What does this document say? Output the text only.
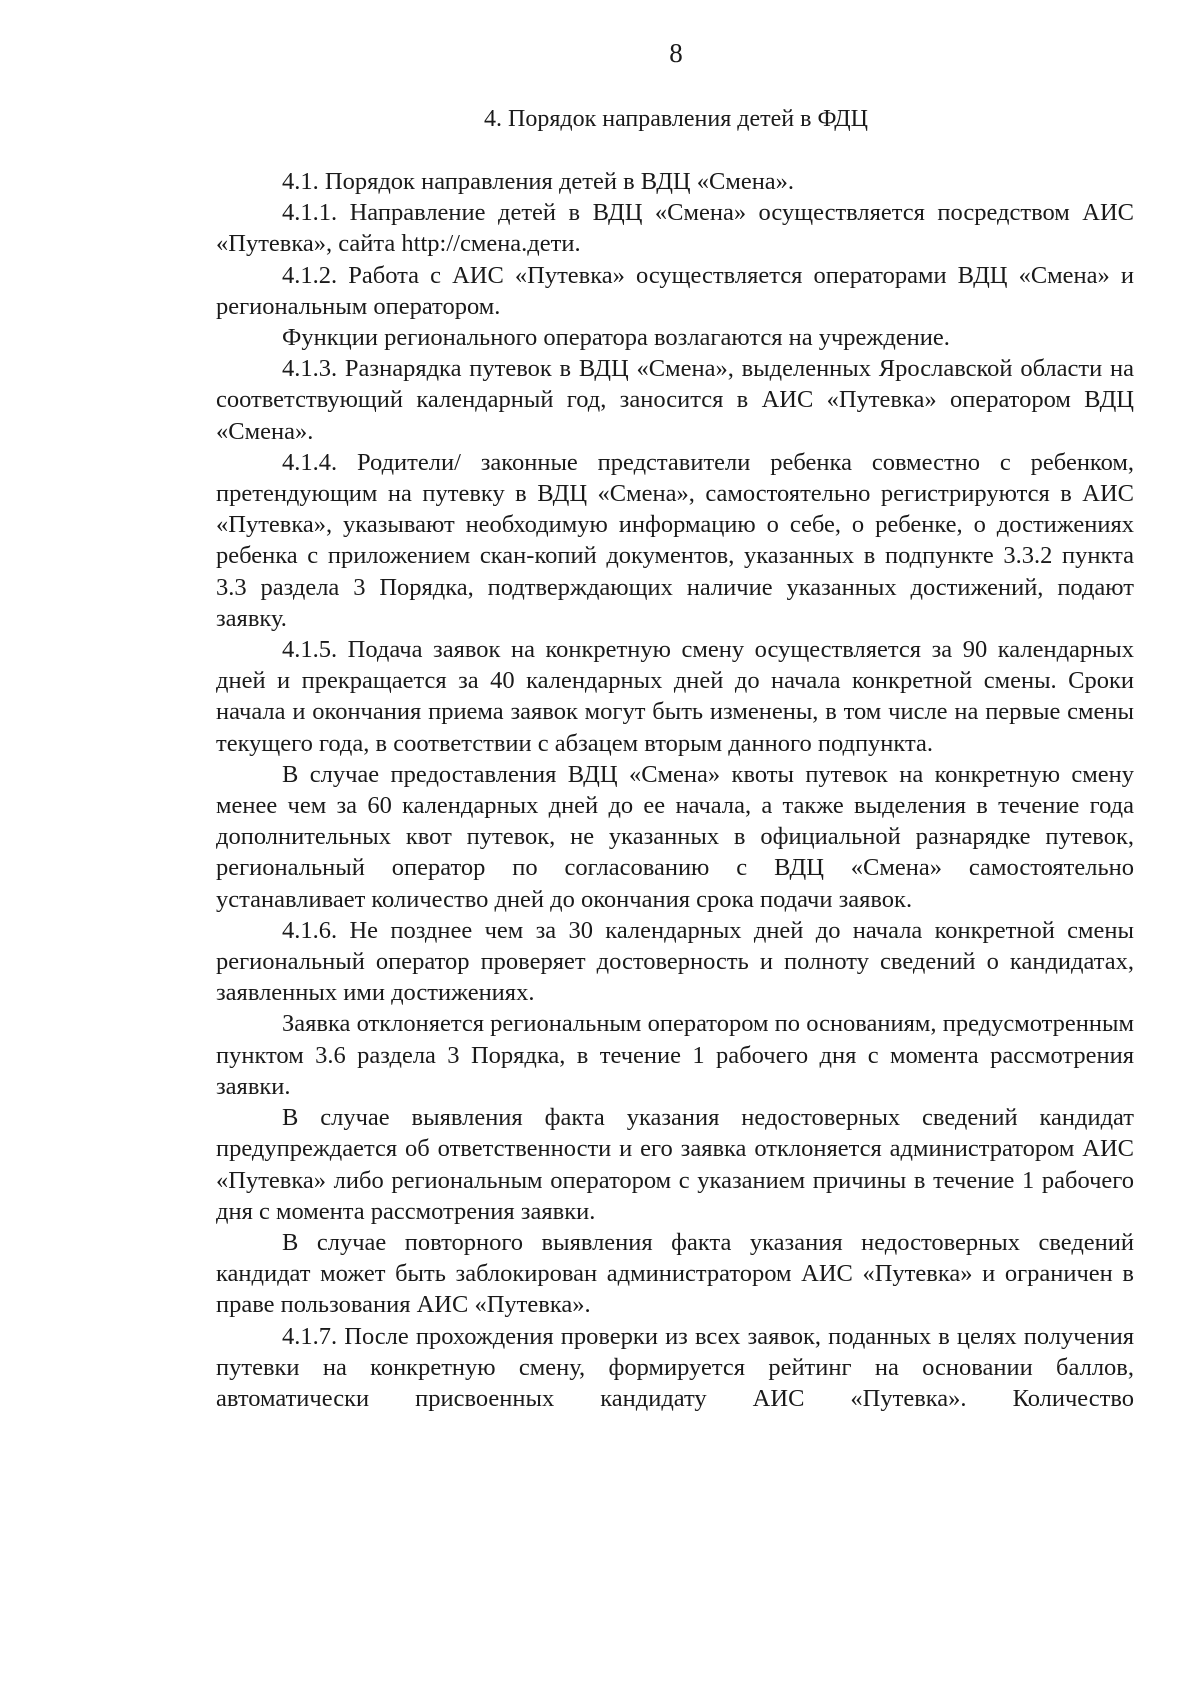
8
4. Порядок направления детей в ФДЦ

4.1. Порядок направления детей в ВДЦ «Смена».

4.1.1. Направление детей в ВДЦ «Смена» осуществляется посредством АИС «Путевка», сайта http://смена.дети.

4.1.2. Работа с АИС «Путевка» осуществляется операторами ВДЦ «Смена» и региональным оператором.

Функции регионального оператора возлагаются на учреждение.

4.1.3. Разнарядка путевок в ВДЦ «Смена», выделенных Ярославской области на соответствующий календарный год, заносится в АИС «Путевка» оператором ВДЦ «Смена».

4.1.4. Родители/ законные представители ребенка совместно с ребенком, претендующим на путевку в ВДЦ «Смена», самостоятельно регистрируются в АИС «Путевка», указывают необходимую информацию о себе, о ребенке, о достижениях ребенка с приложением скан-копий документов, указанных в подпункте 3.3.2 пункта 3.3 раздела 3 Порядка, подтверждающих наличие указанных достижений, подают заявку.

4.1.5. Подача заявок на конкретную смену осуществляется за 90 календарных дней и прекращается за 40 календарных дней до начала конкретной смены. Сроки начала и окончания приема заявок могут быть изменены, в том числе на первые смены текущего года, в соответствии с абзацем вторым данного подпункта.

В случае предоставления ВДЦ «Смена» квоты путевок на конкретную смену менее чем за 60 календарных дней до ее начала, а также выделения в течение года дополнительных квот путевок, не указанных в официальной разнарядке путевок, региональный оператор по согласованию с ВДЦ «Смена» самостоятельно устанавливает количество дней до окончания срока подачи заявок.

4.1.6. Не позднее чем за 30 календарных дней до начала конкретной смены региональный оператор проверяет достоверность и полноту сведений о кандидатах, заявленных ими достижениях.

Заявка отклоняется региональным оператором по основаниям, предусмотренным пунктом 3.6 раздела 3 Порядка, в течение 1 рабочего дня с момента рассмотрения заявки.

В случае выявления факта указания недостоверных сведений кандидат предупреждается об ответственности и его заявка отклоняется администратором АИС «Путевка» либо региональным оператором с указанием причины в течение 1 рабочего дня с момента рассмотрения заявки.

В случае повторного выявления факта указания недостоверных сведений кандидат может быть заблокирован администратором АИС «Путевка» и ограничен в праве пользования АИС «Путевка».

4.1.7. После прохождения проверки из всех заявок, поданных в целях получения путевки на конкретную смену, формируется рейтинг на основании баллов, автоматически присвоенных кандидату АИС «Путевка». Количество
